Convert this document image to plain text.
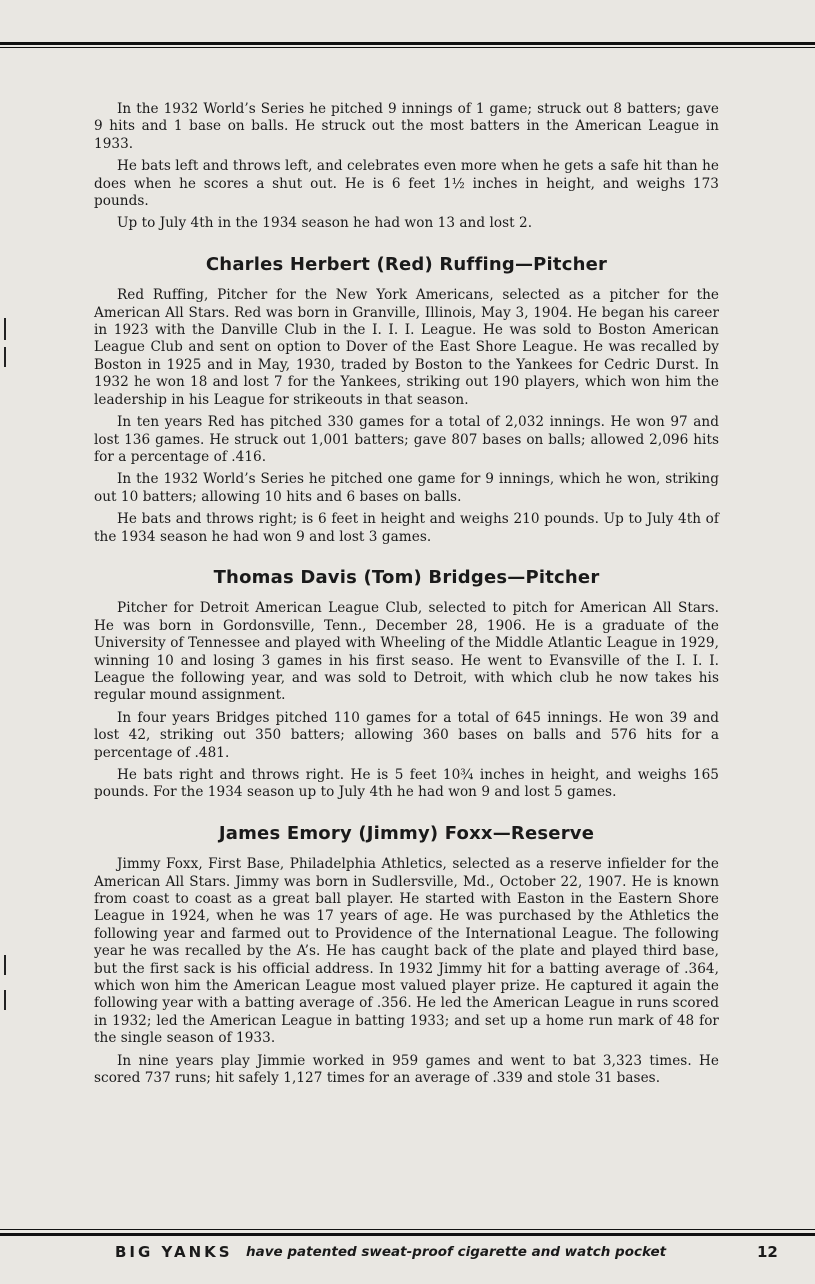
In the 1932 World’s Series he pitched 9 innings of 1 game; struck out 8 batters; gave 9 hits and 1 base on balls. He struck out the most batters in the American League in 1933.

He bats left and throws left, and celebrates even more when he gets a safe hit than he does when he scores a shut out. He is 6 feet 1½ inches in height, and weighs 173 pounds.

Up to July 4th in the 1934 season he had won 13 and lost 2.

Charles Herbert (Red) Ruffing—Pitcher

Red Ruffing, Pitcher for the New York Americans, selected as a pitcher for the American All Stars. Red was born in Granville, Illinois, May 3, 1904. He began his career in 1923 with the Danville Club in the I. I. I. League. He was sold to Boston American League Club and sent on option to Dover of the East Shore League. He was recalled by Boston in 1925 and in May, 1930, traded by Boston to the Yankees for Cedric Durst. In 1932 he won 18 and lost 7 for the Yankees, striking out 190 players, which won him the leadership in his League for strikeouts in that season.

In ten years Red has pitched 330 games for a total of 2,032 innings. He won 97 and lost 136 games. He struck out 1,001 batters; gave 807 bases on balls; allowed 2,096 hits for a percentage of .416.

In the 1932 World’s Series he pitched one game for 9 innings, which he won, striking out 10 batters; allowing 10 hits and 6 bases on balls.

He bats and throws right; is 6 feet in height and weighs 210 pounds. Up to July 4th of the 1934 season he had won 9 and lost 3 games.

Thomas Davis (Tom) Bridges—Pitcher

Pitcher for Detroit American League Club, selected to pitch for American All Stars. He was born in Gordonsville, Tenn., December 28, 1906. He is a graduate of the University of Tennessee and played with Wheeling of the Middle Atlantic League in 1929, winning 10 and losing 3 games in his first seaso. He went to Evansville of the I. I. I. League the following year, and was sold to Detroit, with which club he now takes his regular mound assignment.

In four years Bridges pitched 110 games for a total of 645 innings. He won 39 and lost 42, striking out 350 batters; allowing 360 bases on balls and 576 hits for a percentage of .481.

He bats right and throws right. He is 5 feet 10¾ inches in height, and weighs 165 pounds. For the 1934 season up to July 4th he had won 9 and lost 5 games.

James Emory (Jimmy) Foxx—Reserve

Jimmy Foxx, First Base, Philadelphia Athletics, selected as a reserve infielder for the American All Stars. Jimmy was born in Sudlersville, Md., October 22, 1907. He is known from coast to coast as a great ball player. He started with Easton in the Eastern Shore League in 1924, when he was 17 years of age. He was purchased by the Athletics the following year and farmed out to Providence of the International League. The following year he was recalled by the A’s. He has caught back of the plate and played third base, but the first sack is his official address. In 1932 Jimmy hit for a batting average of .364, which won him the American League most valued player prize. He captured it again the following year with a batting average of .356. He led the American League in runs scored in 1932; led the American League in batting 1933; and set up a home run mark of 48 for the single season of 1933.

In nine years play Jimmie worked in 959 games and went to bat 3,323 times. He scored 737 runs; hit safely 1,127 times for an average of .339 and stole 31 bases.

BIG YANKS have patented sweat-proof cigarette and watch pocket	12
